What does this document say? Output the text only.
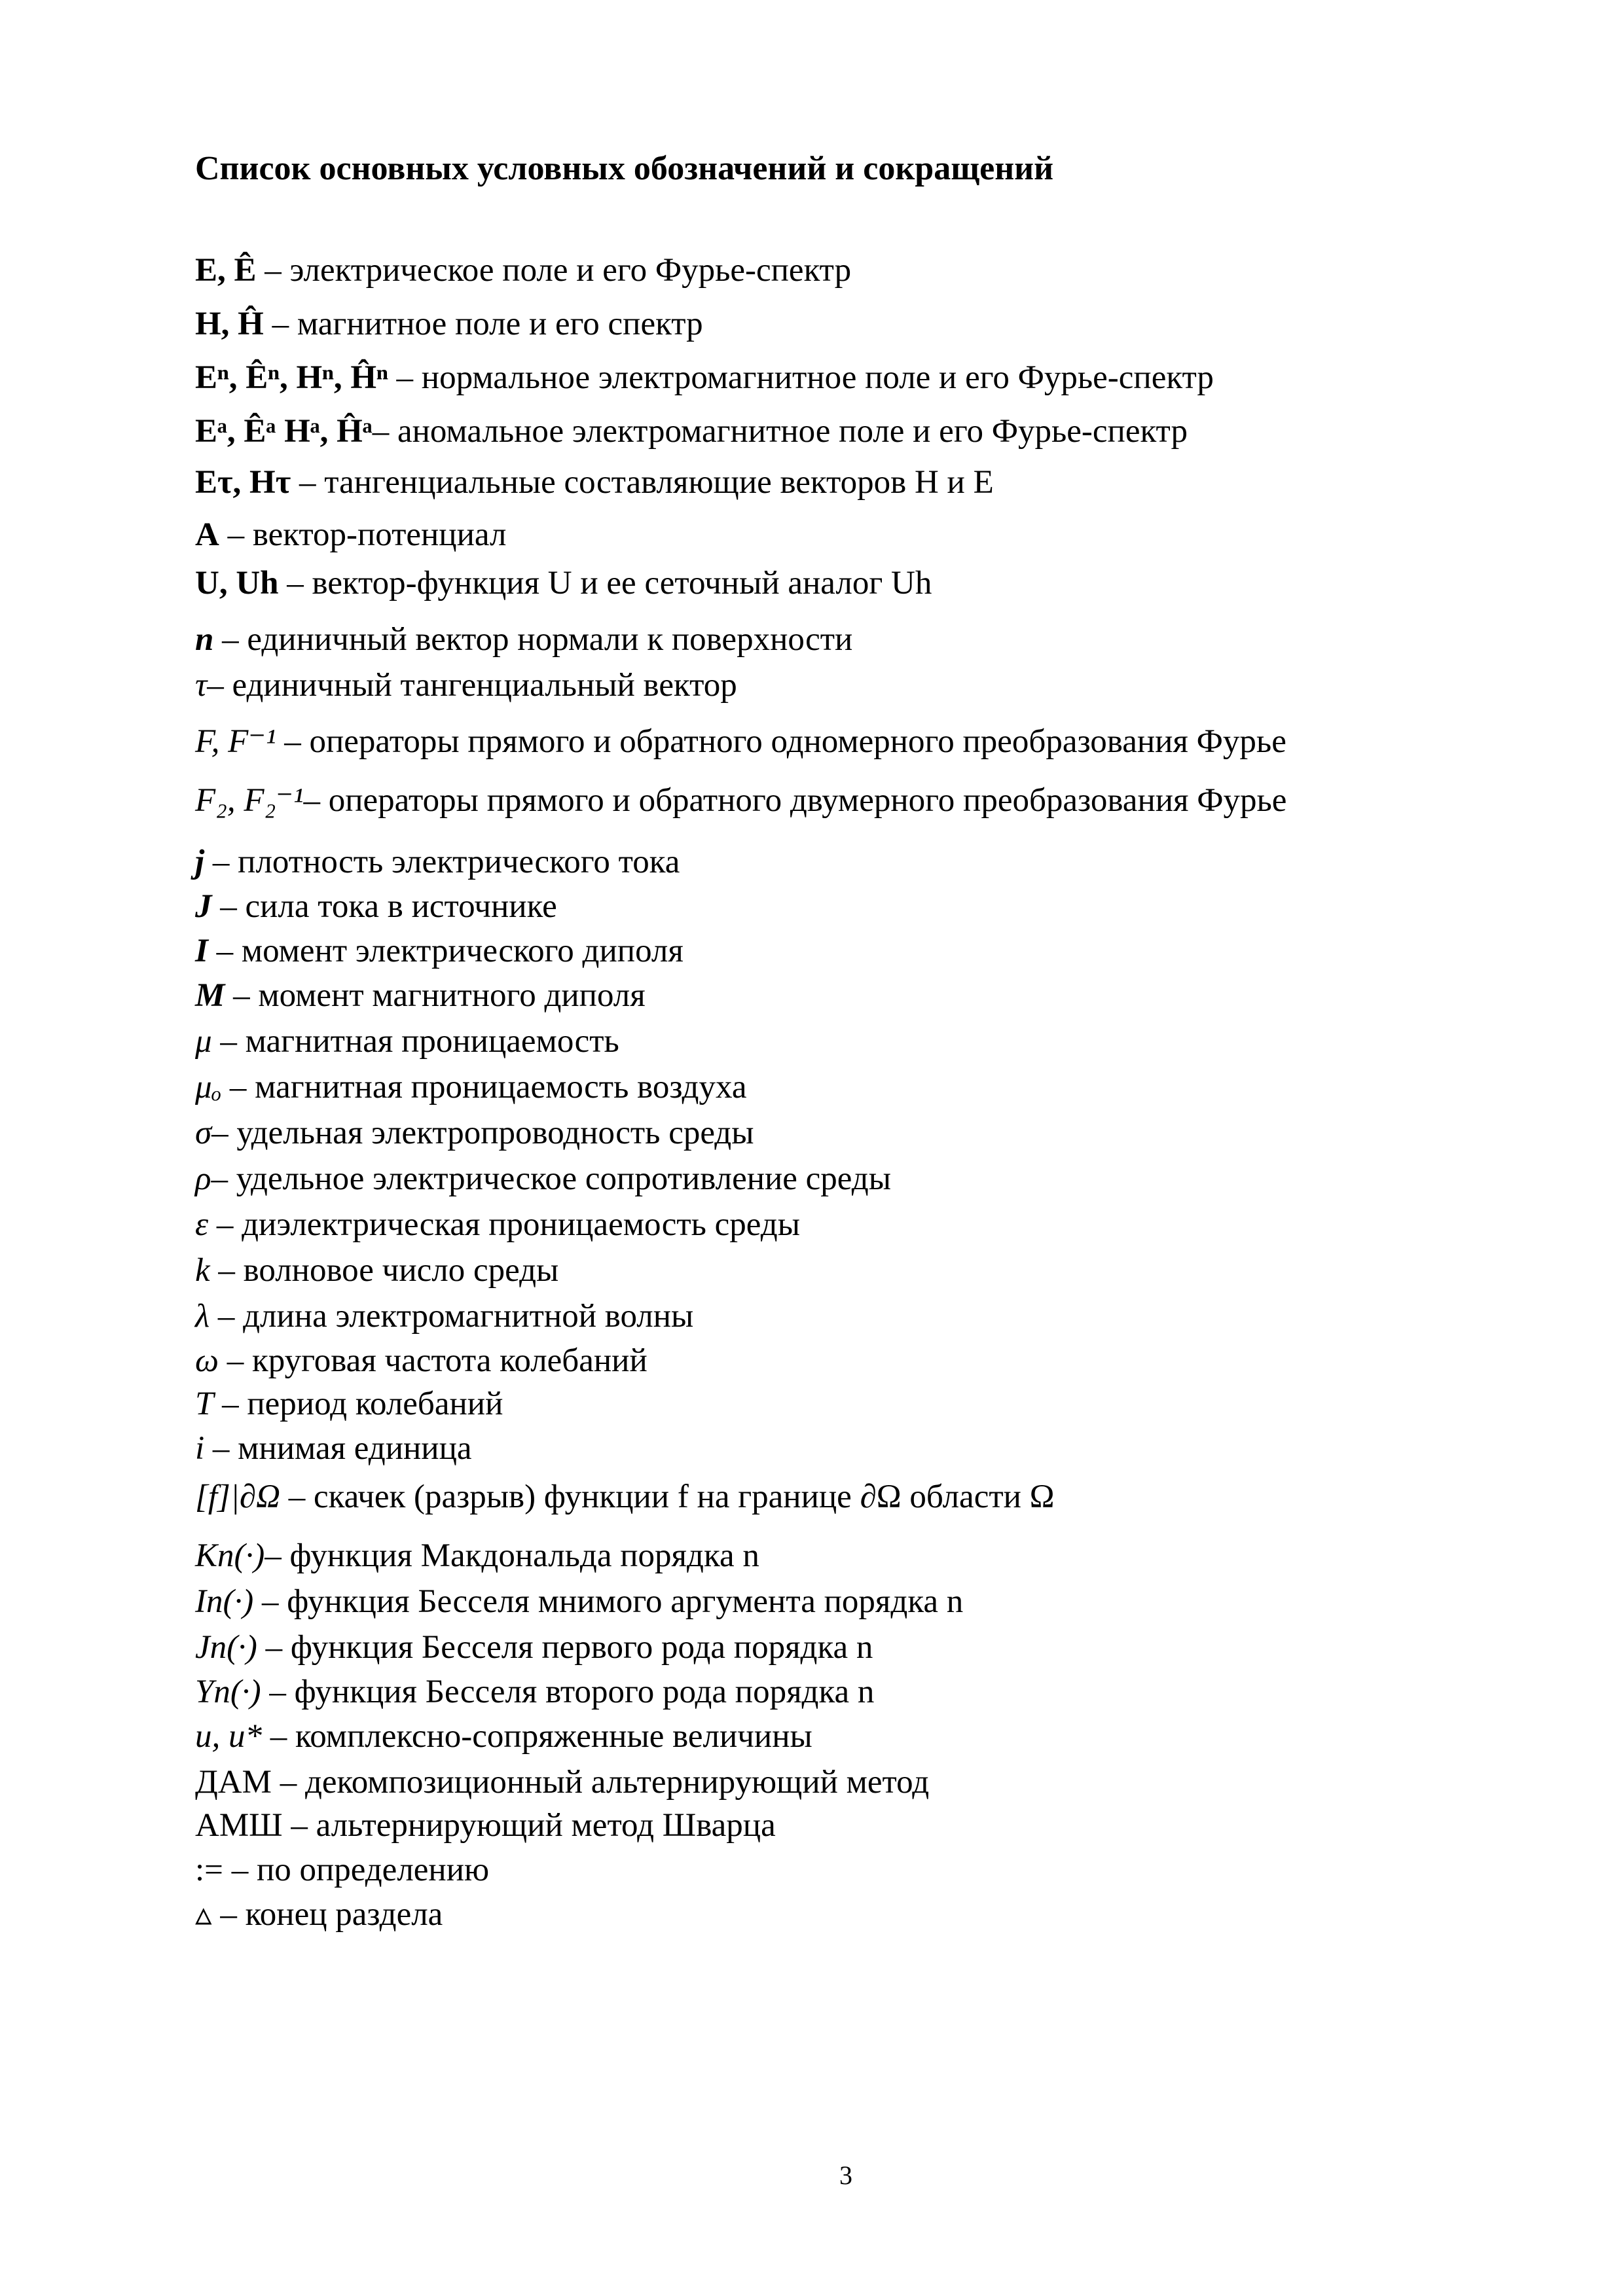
Список основных условных обозначений и сокращений
E, Ê – электрическое поле и его Фурье-спектр
H, Ĥ – магнитное поле и его спектр
Eⁿ, Êⁿ, Hⁿ, Ĥⁿ – нормальное электромагнитное поле и его Фурье-спектр
Eᵃ, Êᵃ Hᵃ, Ĥᵃ– аномальное электромагнитное поле и его Фурье-спектр
Eτ, Hτ – тангенциальные составляющие векторов H и E
A – вектор-потенциал
U, Uh – вектор-функция U и ее сеточный аналог Uh
n – единичный вектор нормали к поверхности
τ– единичный тангенциальный вектор
F, F⁻¹ – операторы прямого и обратного одномерного преобразования Фурье
F₂, F₂⁻¹– операторы прямого и обратного двумерного преобразования Фурье
j – плотность электрического тока
J – сила тока в источнике
I – момент электрического диполя
M – момент магнитного диполя
μ – магнитная проницаемость
μₒ – магнитная проницаемость воздуха
σ– удельная электропроводность среды
ρ– удельное электрическое сопротивление среды
ε – диэлектрическая проницаемость среды
k – волновое число среды
λ – длина электромагнитной волны
ω – круговая частота колебаний
T – период колебаний
i – мнимая единица
[f]|∂Ω – скачек (разрыв) функции f на границе ∂Ω области Ω
Kn(·)– функция Макдональда порядка n
In(·) – функция Бесселя мнимого аргумента порядка n
Jn(·) – функция Бесселя первого рода порядка n
Yn(·) – функция Бесселя второго рода порядка n
u, u* – комплексно-сопряженные величины
ДАМ – декомпозиционный альтернирующий метод
АМШ – альтернирующий метод Шварца
:= – по определению
▵ – конец раздела
3
